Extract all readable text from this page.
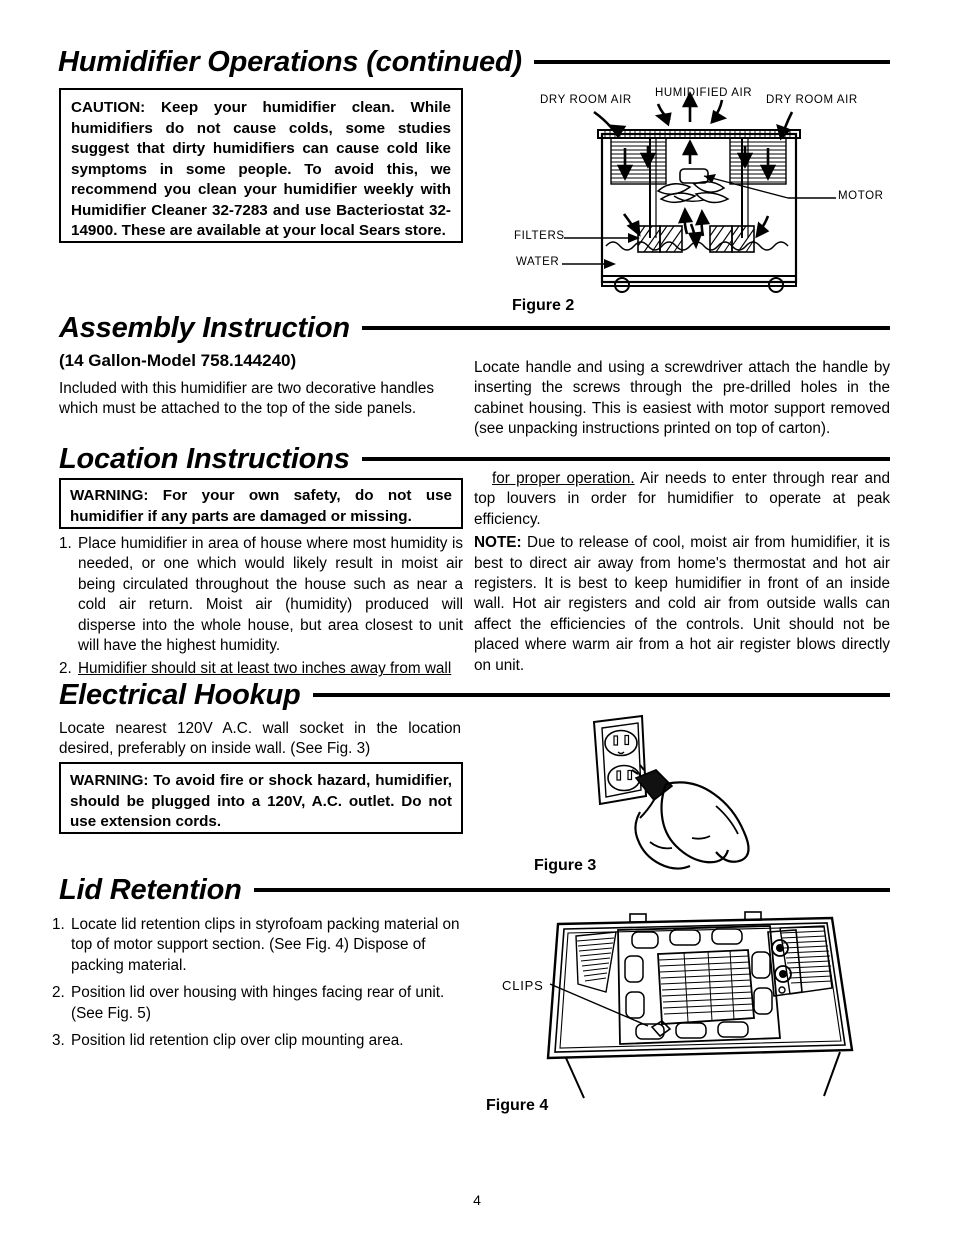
Humidifier Operations (continued)

CAUTION: Keep your humidifier clean. While humidifiers do not cause colds, some studies suggest that dirty humidifiers can cause cold like symptoms in some people. To avoid this, we recommend you clean your humidifier weekly with Humidifier Cleaner 32-7283 and use Bacteriostat 32-14900. These are available at your local Sears store.

DRY ROOM AIR
HUMIDIFIED AIR
DRY ROOM AIR
MOTOR
FILTERS
WATER
Figure 2
Assembly Instruction
(14 Gallon-Model 758.144240)

Included with this humidifier are two decorative handles which must be attached to the top of the side panels.

Locate handle and using a screwdriver attach the handle by inserting the screws through the pre-drilled holes in the cabinet housing. This is easiest with motor support removed (see unpacking instructions printed on top of carton).

Location Instructions

WARNING: For your own safety, do not use humidifier if any parts are damaged or missing.

1. Place humidifier in area of house where most humidity is needed, or one which would likely result in moist air being circulated throughout the house such as near a cold air return. Moist air (humidity) produced will disperse into the whole house, but area closest to unit will have the highest humidity.
2. Humidifier should sit at least two inches away from wall

for proper operation. Air needs to enter through rear and top louvers in order for humidifier to operate at peak efficiency.

NOTE: Due to release of cool, moist air from humidifier, it is best to direct air away from home's thermostat and hot air registers. It is best to keep humidifier in front of an inside wall. Hot air registers and cold air from outside walls can affect the efficiencies of the controls. Unit should not be placed where warm air from a hot air register blows directly on unit.

Electrical Hookup

Locate nearest 120V A.C. wall socket in the location desired, preferably on inside wall. (See Fig. 3)

WARNING: To avoid fire or shock hazard, humidifier, should be plugged into a 120V, A.C. outlet. Do not use extension cords.

Figure 3
Lid Retention
1. Locate lid retention clips in styrofoam packing material on top of motor support section. (See Fig. 4) Dispose of packing material.
2. Position lid over housing with hinges facing rear of unit. (See Fig. 5)
3. Position lid retention clip over clip mounting area.
CLIPS
Figure 4
4
